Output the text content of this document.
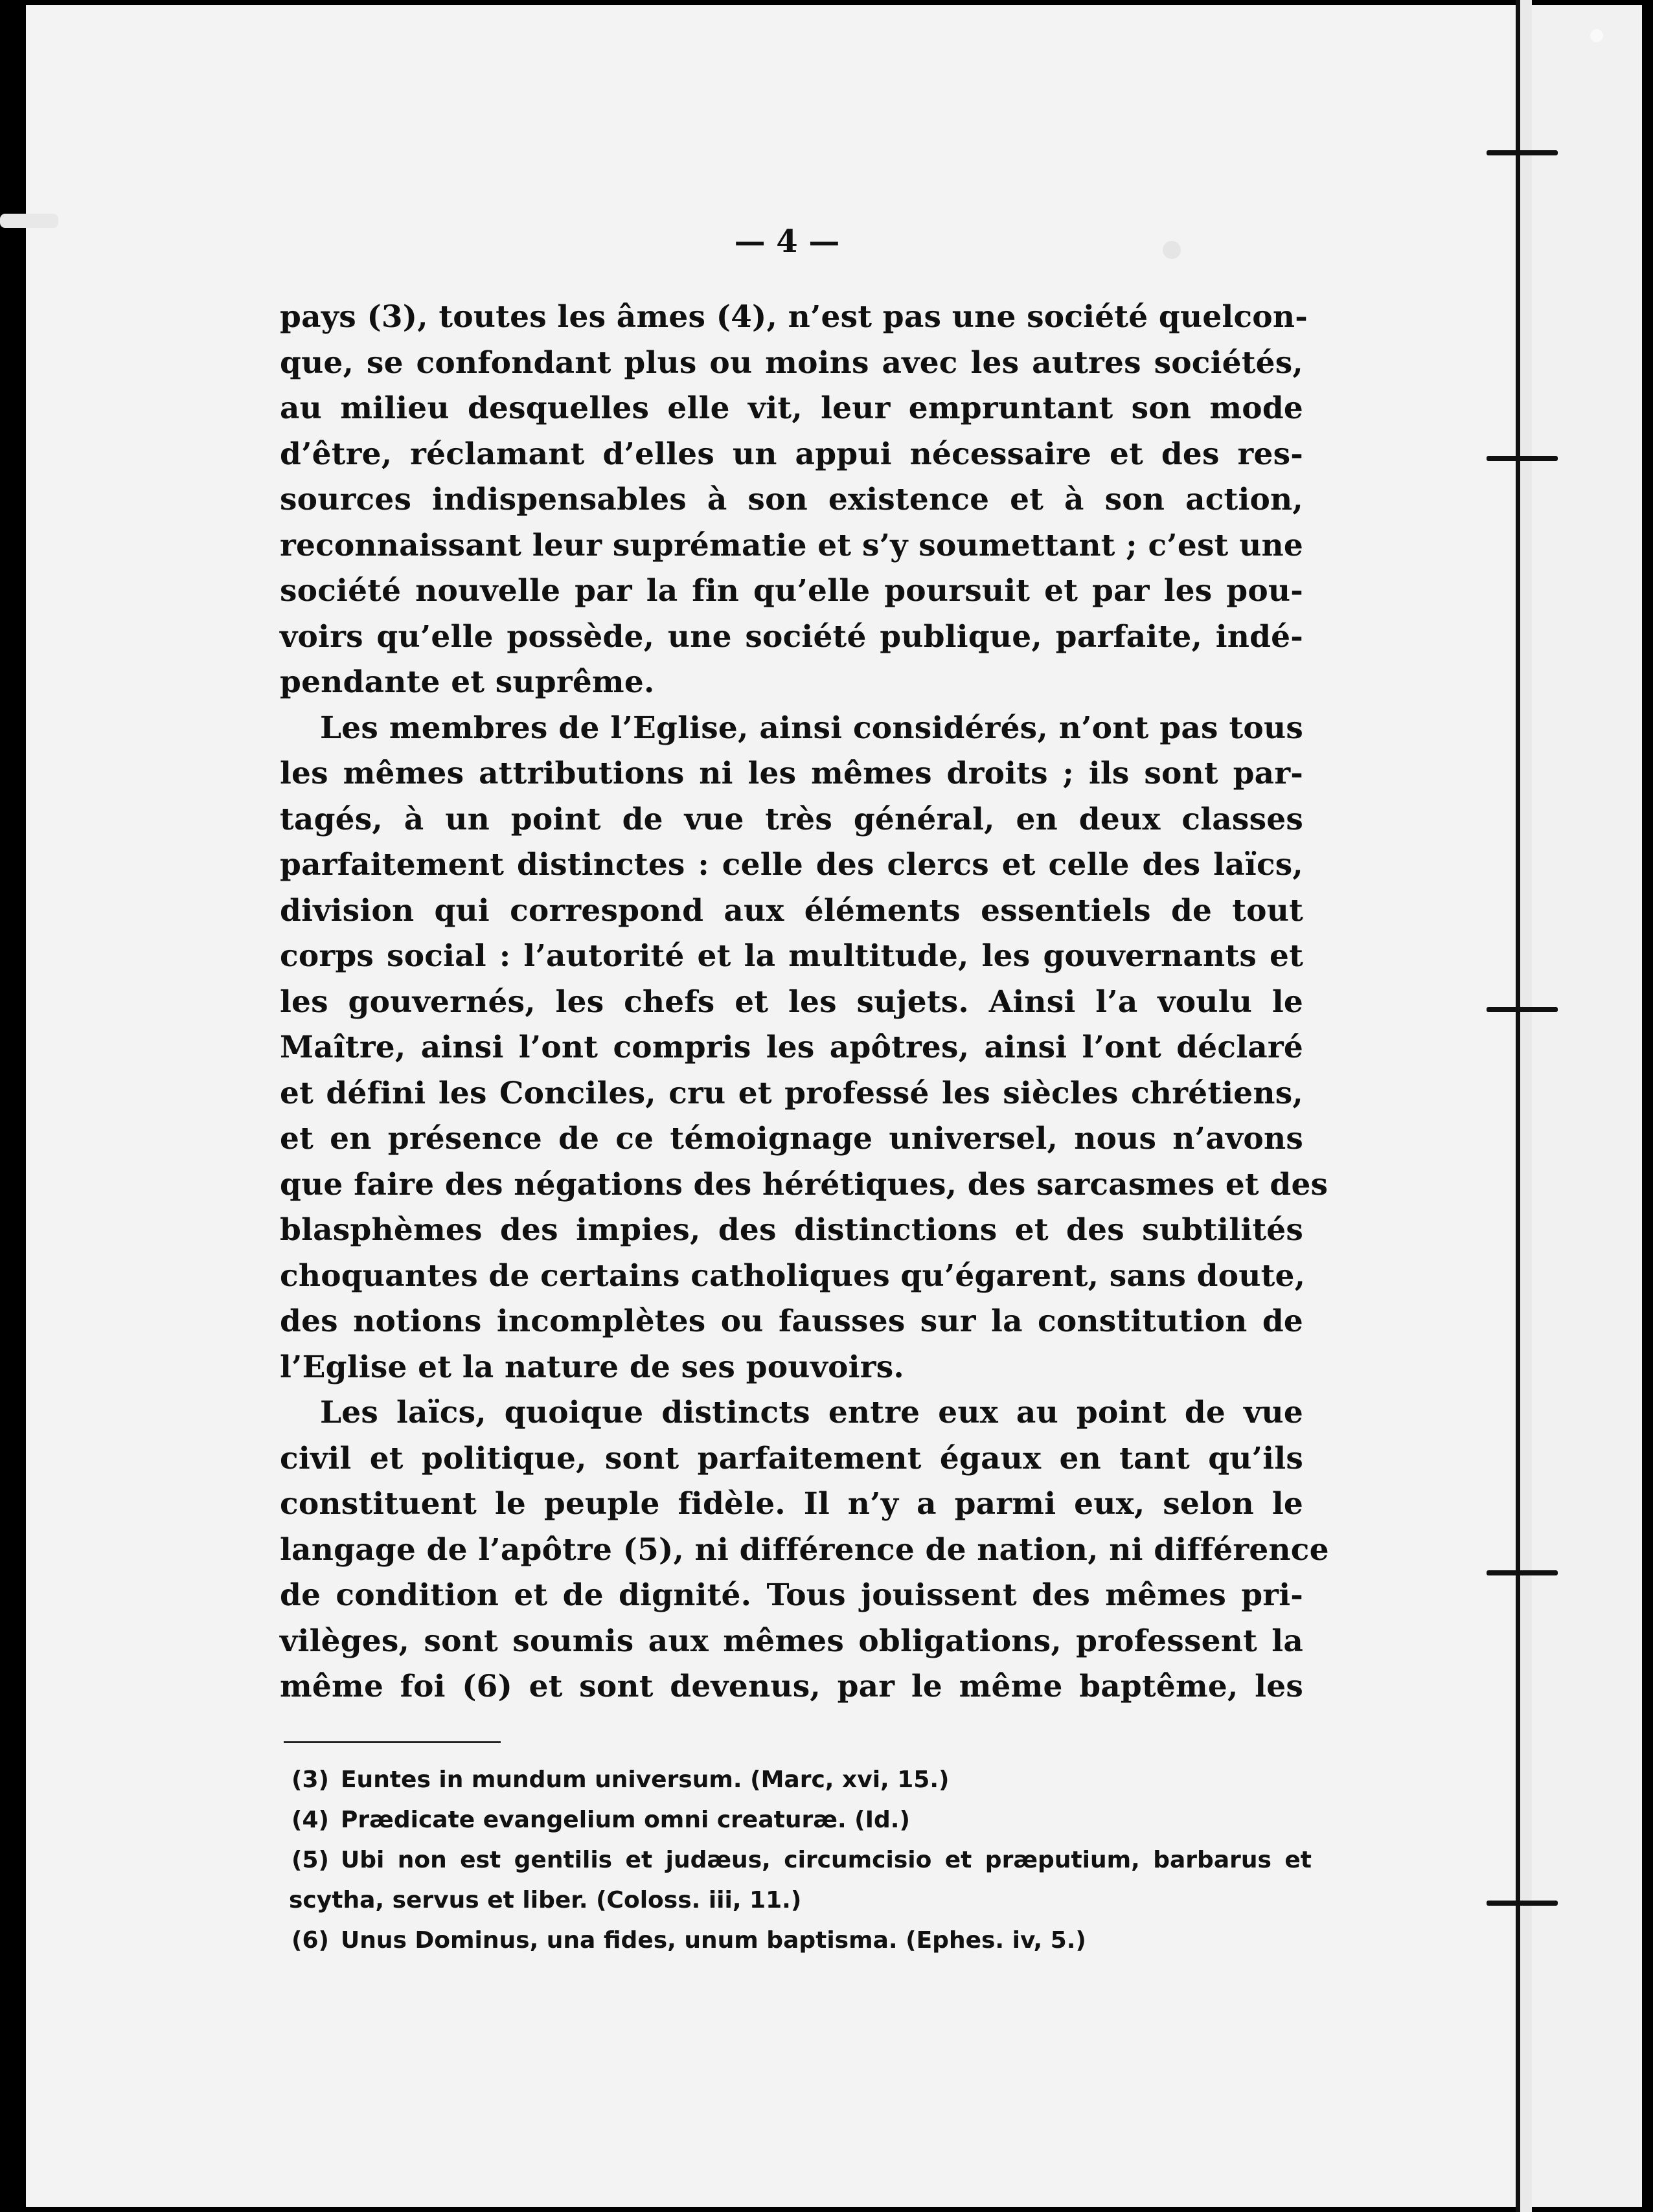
— 4 —
pays (3), toutes les âmes (4), n’est pas une société quelcon-
que, se confondant plus ou moins avec les autres sociétés,
au milieu desquelles elle vit, leur empruntant son mode
d’être, réclamant d’elles un appui nécessaire et des res-
sources indispensables à son existence et à son action,
reconnaissant leur suprématie et s’y soumettant ; c’est une
société nouvelle par la fin qu’elle poursuit et par les pou-
voirs qu’elle possède, une société publique, parfaite, indé-
pendante et suprême.
Les membres de l’Eglise, ainsi considérés, n’ont pas tous
les mêmes attributions ni les mêmes droits ; ils sont par-
tagés, à un point de vue très général, en deux classes
parfaitement distinctes : celle des clercs et celle des laïcs,
division qui correspond aux éléments essentiels de tout
corps social : l’autorité et la multitude, les gouvernants et
les gouvernés, les chefs et les sujets. Ainsi l’a voulu le
Maître, ainsi l’ont compris les apôtres, ainsi l’ont déclaré
et défini les Conciles, cru et professé les siècles chrétiens,
et en présence de ce témoignage universel, nous n’avons
que faire des négations des hérétiques, des sarcasmes et des
blasphèmes des impies, des distinctions et des subtilités
choquantes de certains catholiques qu’égarent, sans doute,
des notions incomplètes ou fausses sur la constitution de
l’Eglise et la nature de ses pouvoirs.
Les laïcs, quoique distincts entre eux au point de vue
civil et politique, sont parfaitement égaux en tant qu’ils
constituent le peuple fidèle. Il n’y a parmi eux, selon le
langage de l’apôtre (5), ni différence de nation, ni différence
de condition et de dignité. Tous jouissent des mêmes pri-
vilèges, sont soumis aux mêmes obligations, professent la
même foi (6) et sont devenus, par le même baptême, les
(3) Euntes in mundum universum. (Marc, xvi, 15.)
(4) Prædicate evangelium omni creaturæ. (Id.)
(5) Ubi non est gentilis et judæus, circumcisio et præputium, barbarus et
scytha, servus et liber. (Coloss. iii, 11.)
(6) Unus Dominus, una fides, unum baptisma. (Ephes. iv, 5.)
